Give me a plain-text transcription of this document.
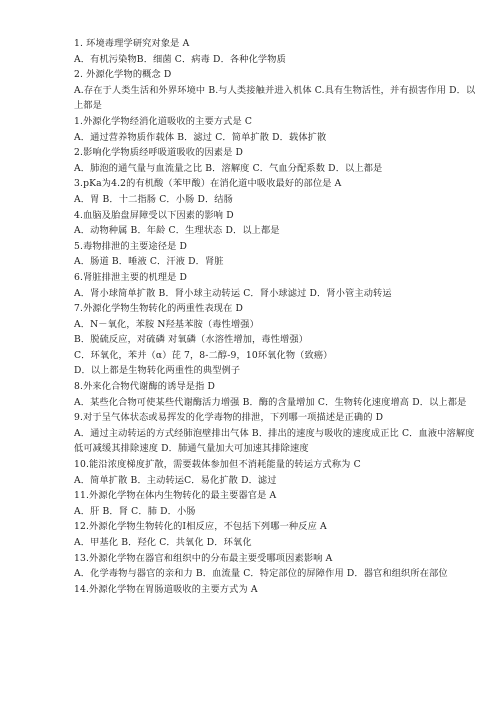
1. 环境毒理学研究对象是 A
A．有机污染物B．细菌 C．病毒 D．各种化学物质
2. 外源化学物的概念 D
A.存在于人类生活和外界环境中 B.与人类接触并进入机体 C.具有生物活性，并有损害作用 D．以上都是
1.外源化学物经消化道吸收的主要方式是 C
A．通过营养物质作载体 B．滤过 C．简单扩散 D．载体扩散
2.影响化学物质经呼吸道吸收的因素是 D
A．肺泡的通气量与血流量之比 B．溶解度 C．气血分配系数 D．以上都是
3.pKa为4.2的有机酸（苯甲酸）在消化道中吸收最好的部位是 A
A．胃 B．十二指肠 C．小肠 D．结肠
4.血脑及胎盘屏障受以下因素的影响 D
A．动物种属 B．年龄 C．生理状态 D．以上都是
5.毒物排泄的主要途径是 D
A．肠道 B．唾液 C．汗液 D．肾脏
6.肾脏排泄主要的机理是 D
A．肾小球简单扩散 B．肾小球主动转运 C．肾小球滤过 D．肾小管主动转运
7.外源化学物生物转化的两重性表现在 D
A．N－氧化，苯胺 N羟基苯胺（毒性增强）
B．脱硫反应，对硫磷 对氧磷（水溶性增加，毒性增强）
C．环氧化，苯并（α）芘 7，8-二醇-9，10环氧化物（致癌）
D．以上都是生物转化两重性的典型例子
8.外来化合物代谢酶的诱导是指 D
A．某些化合物可使某些代谢酶活力增强 B．酶的含量增加 C．生物转化速度增高 D．以上都是
9.对于呈气体状态或易挥发的化学毒物的排泄，下列哪一项描述是正确的 D
A．通过主动转运的方式经肺泡壁排出气体 B．排出的速度与吸收的速度成正比 C．血液中溶解度低可减缓其排除速度 D．肺通气量加大可加速其排除速度
10.能沿浓度梯度扩散，需要载体参加但不消耗能量的转运方式称为 C
A．简单扩散 B．主动转运C．易化扩散 D．滤过
11.外源化学物在体内生物转化的最主要器官是 A
A．肝 B．肾 C．肺 D．小肠
12.外源化学物生物转化的Ⅰ相反应，不包括下列哪一种反应 A
A．甲基化 B．羟化 C．共氧化 D．环氧化
13.外源化学物在器官和组织中的分布最主要受哪项因素影响 A
A．化学毒物与器官的亲和力 B．血流量 C．特定部位的屏障作用 D．器官和组织所在部位
14.外源化学物在胃肠道吸收的主要方式为 A
